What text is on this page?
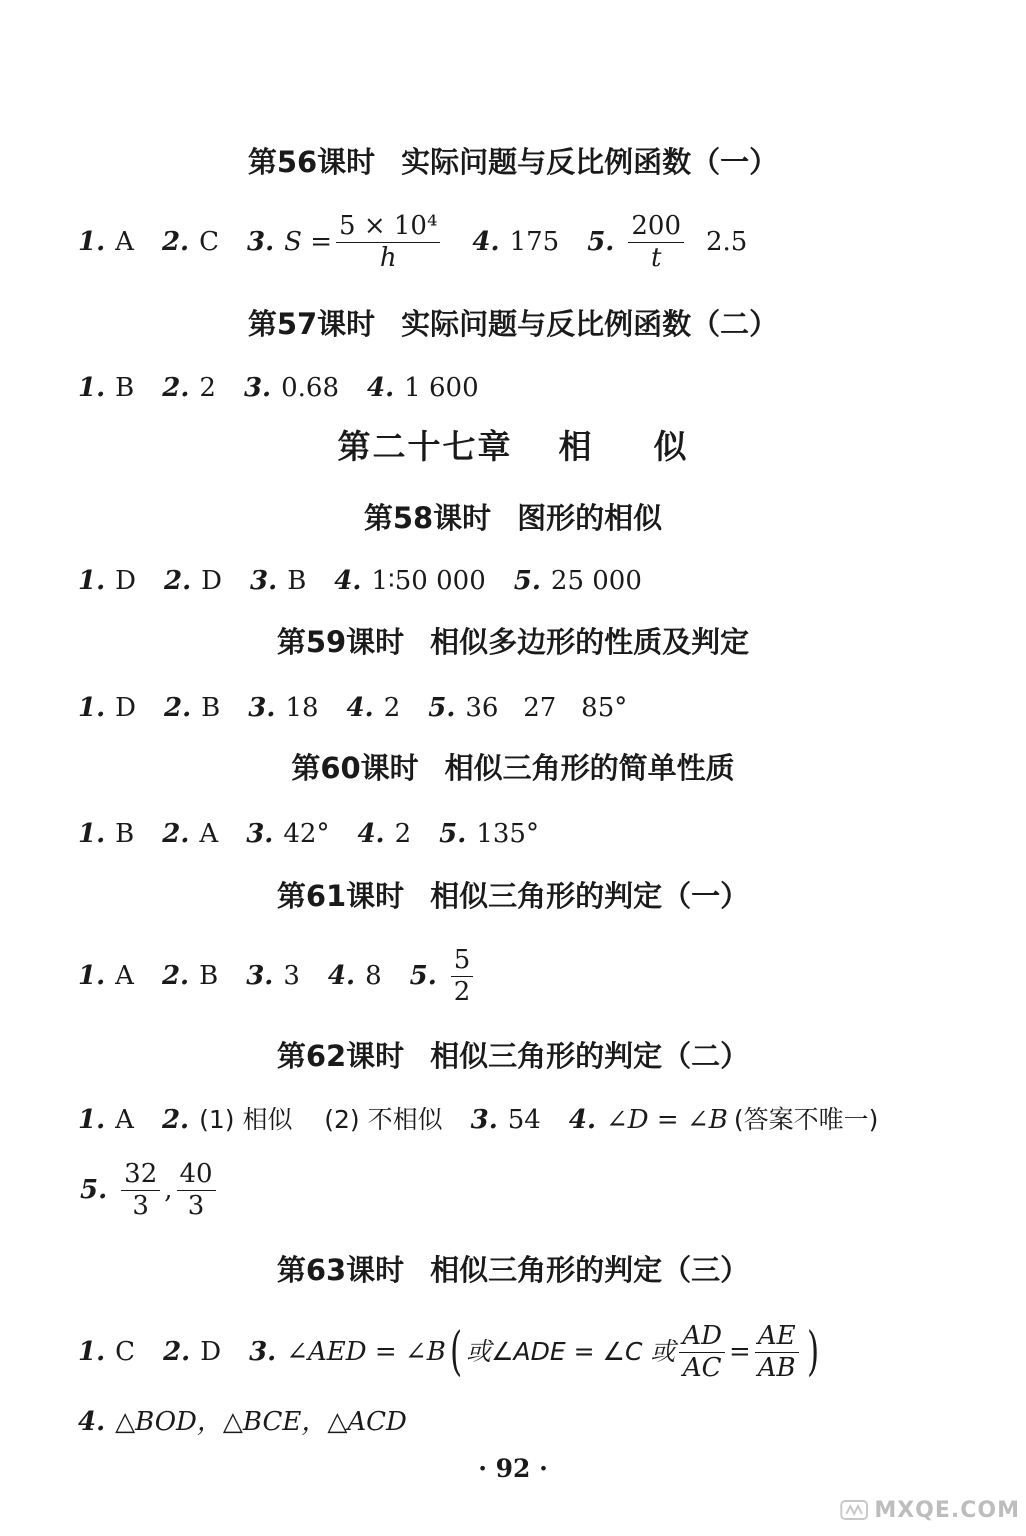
第56课时 实际问题与反比例函数（一）
1. A 2. C 3. $S = \frac{\text{5 × 10⁴}}{h} 4$. 175 5. $\frac{200}{t} 2.5$
第57课时 实际问题与反比例函数（二）
1. B 2. 2 3. 0.68 4. 1 600
第二十七章 相 似
第58课时 图形的相似
1. D 2. D 3. B 4. 1∶50 000 5. 25 000
第59课时 相似多边形的性质及判定
1. D 2. B 3. 18 4. 2 5. 36   27   85°
第60课时 相似三角形的简单性质
1. B 2. A 3. 42° 4. 2 5. 135°
第61课时 相似三角形的判定（一）
1. A 2. B 3. 3 4. 8 5. $\frac{5}{2}$
第62课时 相似三角形的判定（二）
1. A 2. (1) 相似    (2) 不相似 3. 54 4. ∠D = ∠B (答案不唯一)
5. $\frac{32}{3}$ , $\frac{40}{3}$
第63课时 相似三角形的判定（三）
1. C 2. D 3. ∠AED = ∠B ( 或∠ADE = ∠C 或 $\frac{AD}{AC} = \frac{AE}{AB}$ )
4. △BOD，△BCE，△ACD
· 92 ·
MXQE.COM
